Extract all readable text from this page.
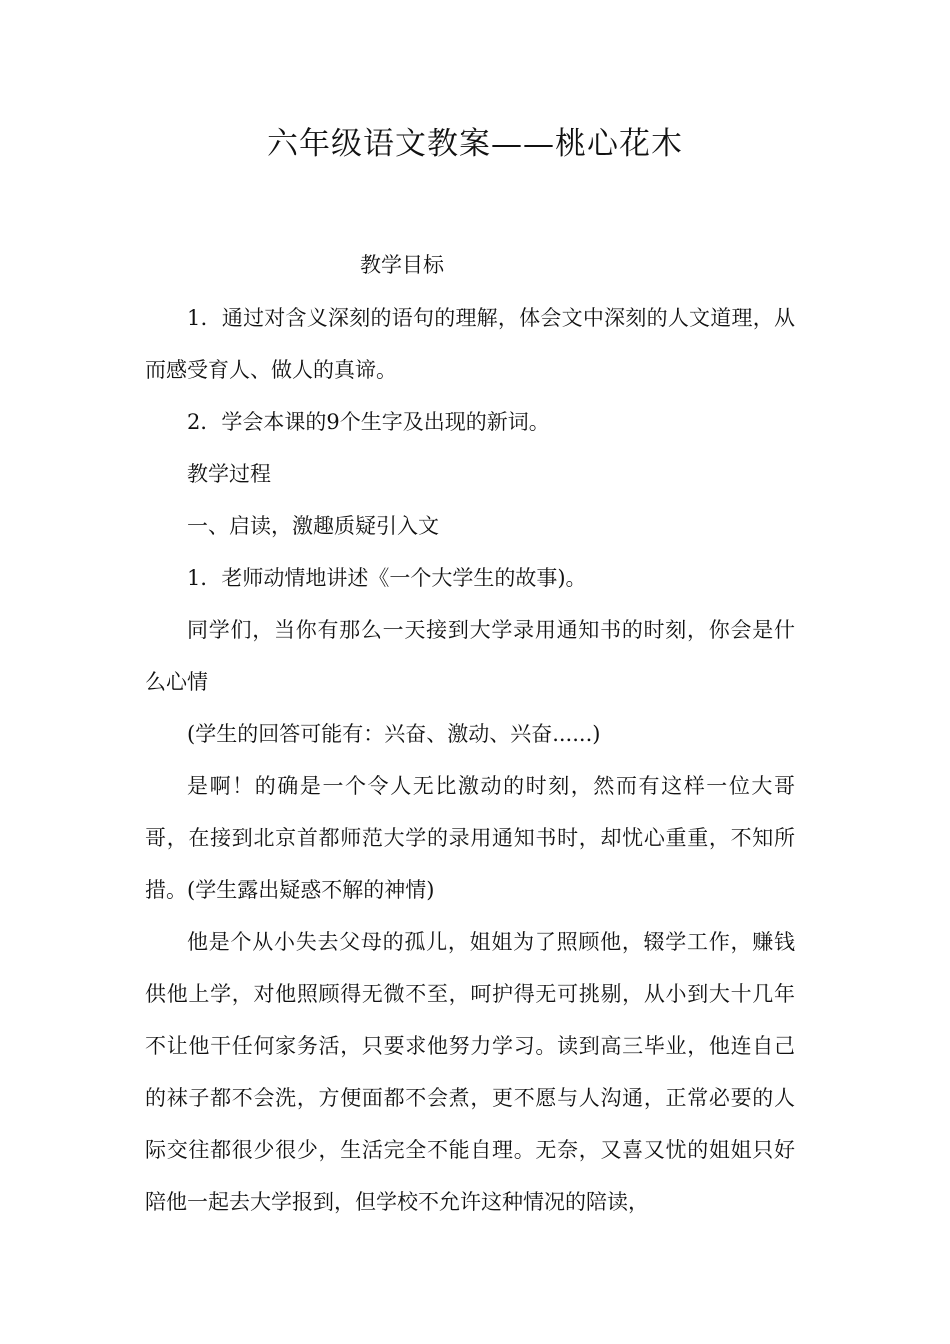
六年级语文教案——桃心花木
教学目标

1．通过对含义深刻的语句的理解，体会文中深刻的人文道理，从而感受育人、做人的真谛。

2．学会本课的9个生字及出现的新词。

教学过程

一、启读，激趣质疑引入文

1．老师动情地讲述《一个大学生的故事)。

同学们，当你有那么一天接到大学录用通知书的时刻，你会是什么心情

(学生的回答可能有：兴奋、激动、兴奋......)

是啊！的确是一个令人无比激动的时刻，然而有这样一位大哥哥，在接到北京首都师范大学的录用通知书时，却忧心重重，不知所措。(学生露出疑惑不解的神情)

他是个从小失去父母的孤儿，姐姐为了照顾他，辍学工作，赚钱供他上学，对他照顾得无微不至，呵护得无可挑剔，从小到大十几年不让他干任何家务活，只要求他努力学习。读到高三毕业，他连自己的袜子都不会洗，方便面都不会煮，更不愿与人沟通，正常必要的人际交往都很少很少，生活完全不能自理。无奈，又喜又忧的姐姐只好陪他一起去大学报到，但学校不允许这种情况的陪读，
